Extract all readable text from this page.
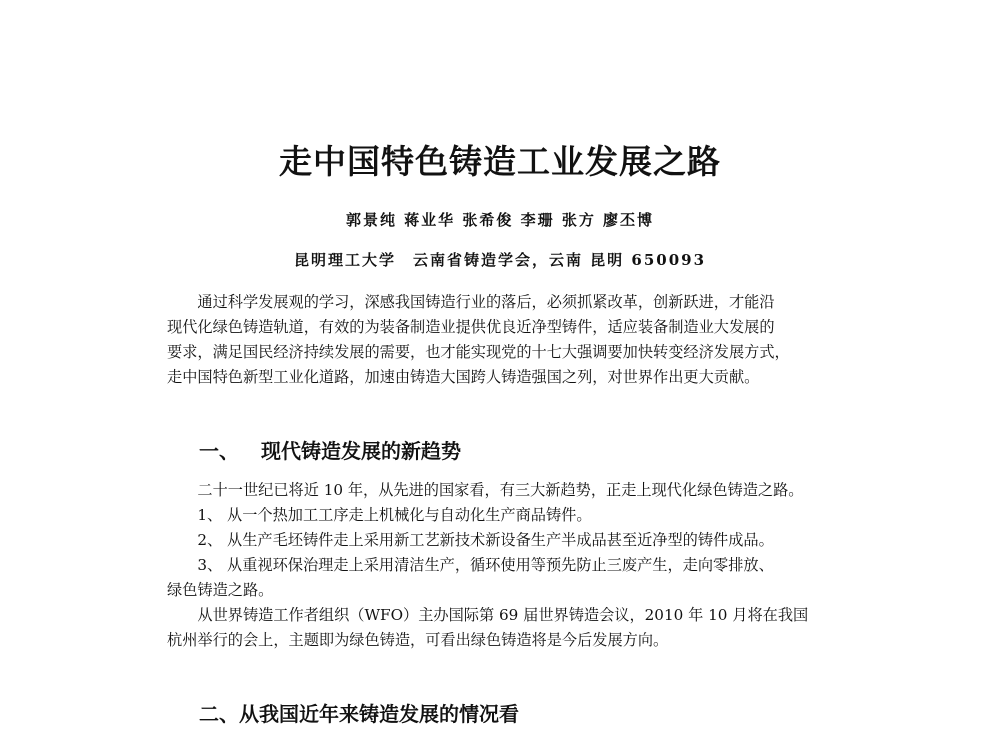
走中国特色铸造工业发展之路
郭景纯 蒋业华 张希俊 李珊 张方 廖丕博
昆明理工大学　云南省铸造学会，云南 昆明 650093
　　通过科学发展观的学习，深感我国铸造行业的落后，必须抓紧改革，创新跃进，才能沿
现代化绿色铸造轨道，有效的为装备制造业提供优良近净型铸件，适应装备制造业大发展的
要求，满足国民经济持续发展的需要，也才能实现党的十七大强调要加快转变经济发展方式，
走中国特色新型工业化道路，加速由铸造大国跨人铸造强国之列，对世界作出更大贡献。
一、 现代铸造发展的新趋势
　　二十一世纪已将近 10 年，从先进的国家看，有三大新趋势，正走上现代化绿色铸造之路。
　　1、 从一个热加工工序走上机械化与自动化生产商品铸件。
　　2、 从生产毛坯铸件走上采用新工艺新技术新设备生产半成品甚至近净型的铸件成品。
　　3、 从重视环保治理走上采用清洁生产，循环使用等预先防止三废产生，走向零排放、
绿色铸造之路。
　　从世界铸造工作者组织（WFO）主办国际第 69 届世界铸造会议，2010 年 10 月将在我国
杭州举行的会上，主题即为绿色铸造，可看出绿色铸造将是今后发展方向。
二、从我国近年来铸造发展的情况看
